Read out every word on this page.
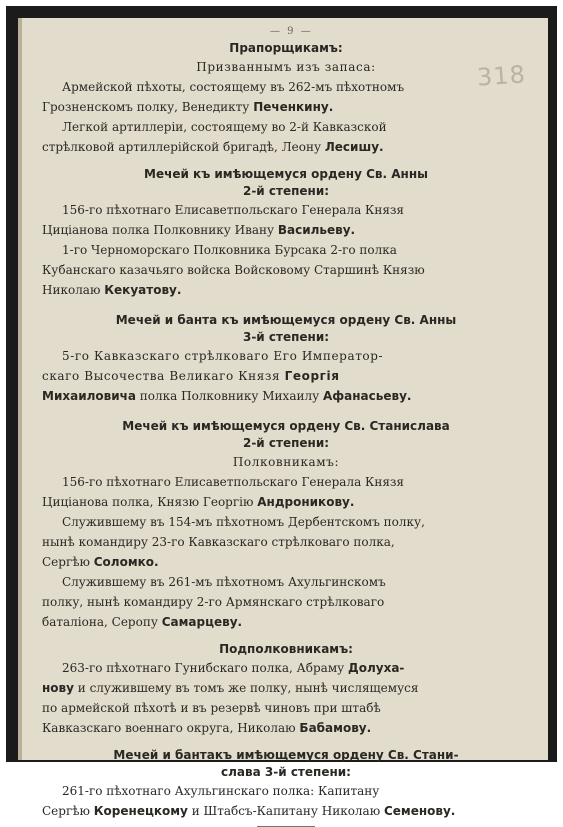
— 9 —
318
Прапорщикамъ:
Призваннымъ изъ запаса:
Армейской пѣхоты, состоящему въ 262-мъ пѣхотномъ
Грозненскомъ полку, Венедикту Печенкину.
Легкой артиллеріи, состоящему во 2-й Кавказской
стрѣлковой артиллерійской бригадѣ, Леону Лесишу.
Мечей къ имѣющемуся ордену Св. Анны
2-й степени:
156-го пѣхотнаго Елисаветпольскаго Генерала Князя
Циціанова полка Полковнику Ивану Васильеву.
1-го Черноморскаго Полковника Бурсака 2-го полка
Кубанскаго казачьяго войска Войсковому Старшинѣ Князю
Николаю Кекуатову.
Мечей и банта къ имѣющемуся ордену Св. Анны
3-й степени:
5-го Кавказскаго стрѣлковаго Его Император-
скаго Высочества Великаго Князя Георгія
Михаиловича полка Полковнику Михаилу Афанасьеву.
Мечей къ имѣющемуся ордену Св. Станислава
2-й степени:
Полковникамъ:
156-го пѣхотнаго Елисаветпольскаго Генерала Князя
Циціанова полка, Князю Георгію Андроникову.
Служившему въ 154-мъ пѣхотномъ Дербентскомъ полку,
нынѣ командиру 23-го Кавказскаго стрѣлковаго полка,
Сергѣю Соломко.
Служившему въ 261-мъ пѣхотномъ Ахульгинскомъ
полку, нынѣ командиру 2-го Армянскаго стрѣлковаго
баталіона, Серопу Самарцеву.
Подполковникамъ:
263-го пѣхотнаго Гунибскаго полка, Абраму Долуха-
нову и служившему въ томъ же полку, нынѣ числящемуся
по армейской пѣхотѣ и въ резервѣ чиновъ при штабѣ
Кавказскаго военнаго округа, Николаю Бабамову.
Мечей и бантакъ имѣющемуся ордену Св. Стани-
слава 3-й степени:
261-го пѣхотнаго Ахульгинскаго полка: Капитану
Сергѣю Коренецкому и Штабсъ-Капитану Николаю Семенову.
